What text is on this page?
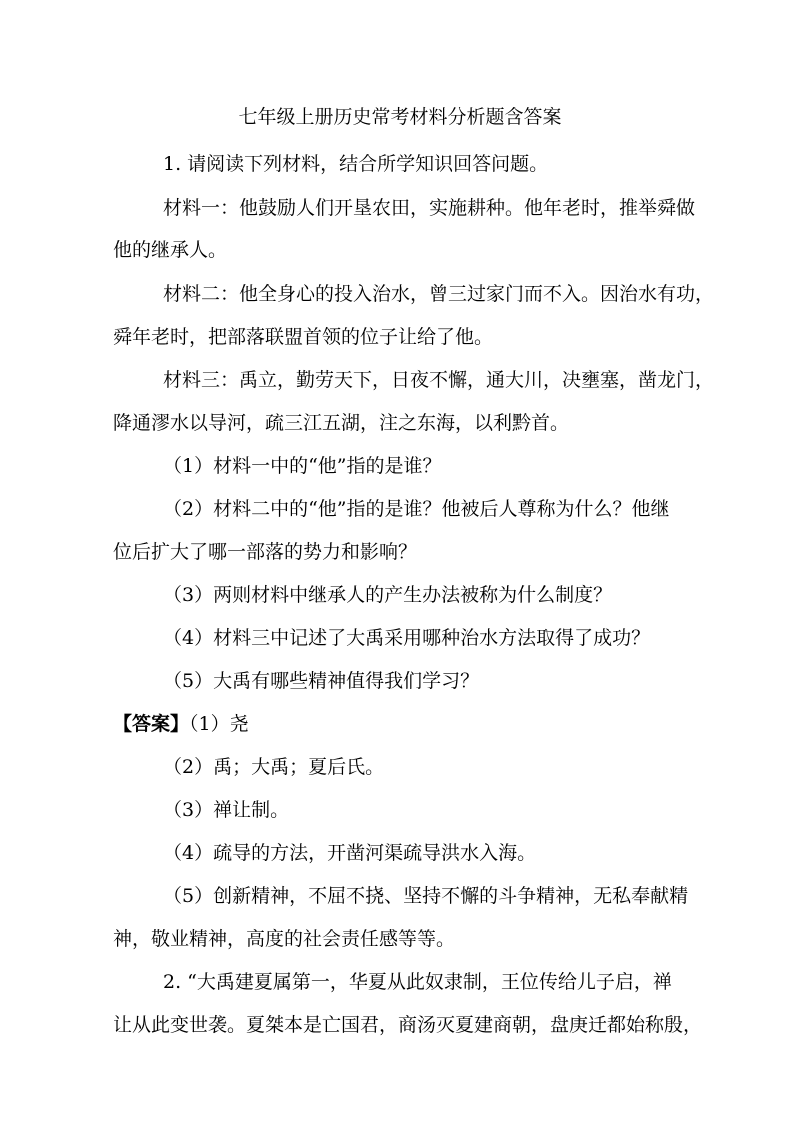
七年级上册历史常考材料分析题含答案
1. 请阅读下列材料，结合所学知识回答问题。
材料一：他鼓励人们开垦农田，实施耕种。他年老时，推举舜做
他的继承人。
材料二：他全身心的投入治水，曾三过家门而不入。因治水有功，
舜年老时，把部落联盟首领的位子让给了他。
材料三：禹立，勤劳天下，日夜不懈，通大川，决壅塞，凿龙门，
降通漻水以导河，疏三江五湖，注之东海，以利黔首。
（1）材料一中的“他”指的是谁？
（2）材料二中的“他”指的是谁？他被后人尊称为什么？他继
位后扩大了哪一部落的势力和影响？
（3）两则材料中继承人的产生办法被称为什么制度？
（4）材料三中记述了大禹采用哪种治水方法取得了成功？
（5）大禹有哪些精神值得我们学习？
【答案】（1）尧
（2）禹；大禹；夏后氏。
（3）禅让制。
（4）疏导的方法，开凿河渠疏导洪水入海。
（5）创新精神，不屈不挠、坚持不懈的斗争精神，无私奉献精
神，敬业精神，高度的社会责任感等等。
2. “大禹建夏属第一，华夏从此奴隶制，王位传给儿子启，禅
让从此变世袭。夏桀本是亡国君，商汤灭夏建商朝，盘庚迁都始称殷，
